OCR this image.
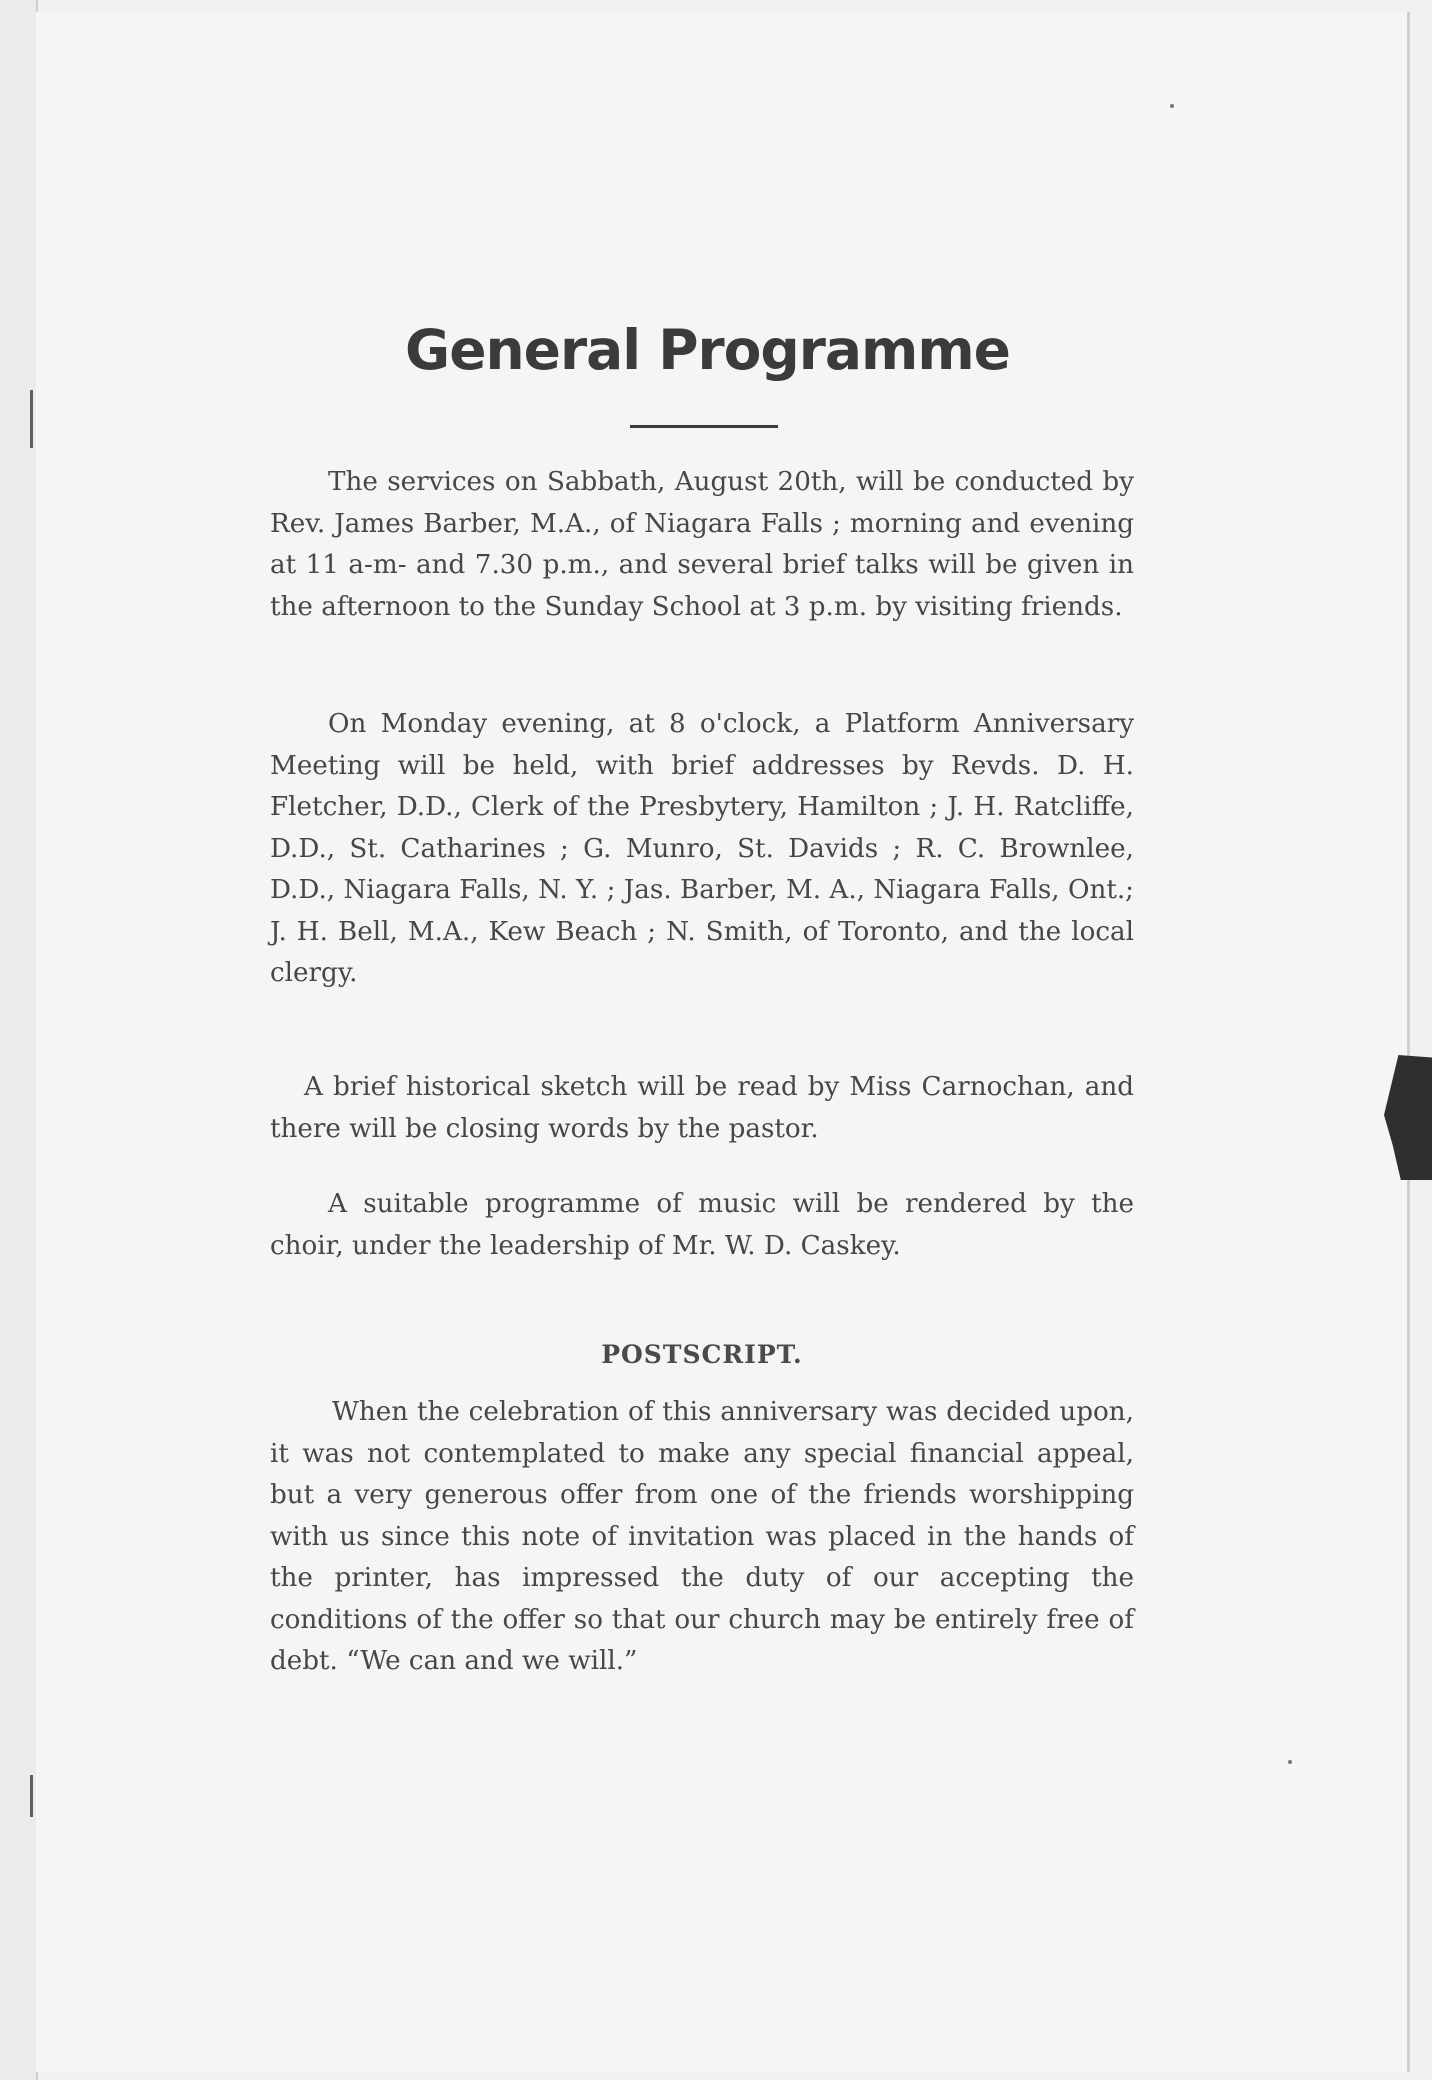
General Programme

The services on Sabbath, August 20th, will be conducted by Rev. James Barber, M.A., of Niagara Falls ; morning and evening at 11 a-m- and 7.30 p.m., and several brief talks will be given in the afternoon to the Sunday School at 3 p.m. by visiting friends.

On Monday evening, at 8 o'clock, a Platform Anniversary Meeting will be held, with brief addresses by Revds. D. H. Fletcher, D.D., Clerk of the Presbytery, Hamilton ; J. H. Ratcliffe, D.D., St. Catharines ; G. Munro, St. Davids ; R. C. Brownlee, D.D., Niagara Falls, N. Y. ; Jas. Barber, M. A., Niagara Falls, Ont.; J. H. Bell, M.A., Kew Beach ; N. Smith, of Toronto, and the local clergy.

A brief historical sketch will be read by Miss Carnochan, and there will be closing words by the pastor.

A suitable programme of music will be rendered by the choir, under the leadership of Mr. W. D. Caskey.

POSTSCRIPT.

When the celebration of this anniversary was decided upon, it was not contemplated to make any special financial appeal, but a very generous offer from one of the friends worshipping with us since this note of invitation was placed in the hands of the printer, has impressed the duty of our accepting the conditions of the offer so that our church may be entirely free of debt. “We can and we will.”
